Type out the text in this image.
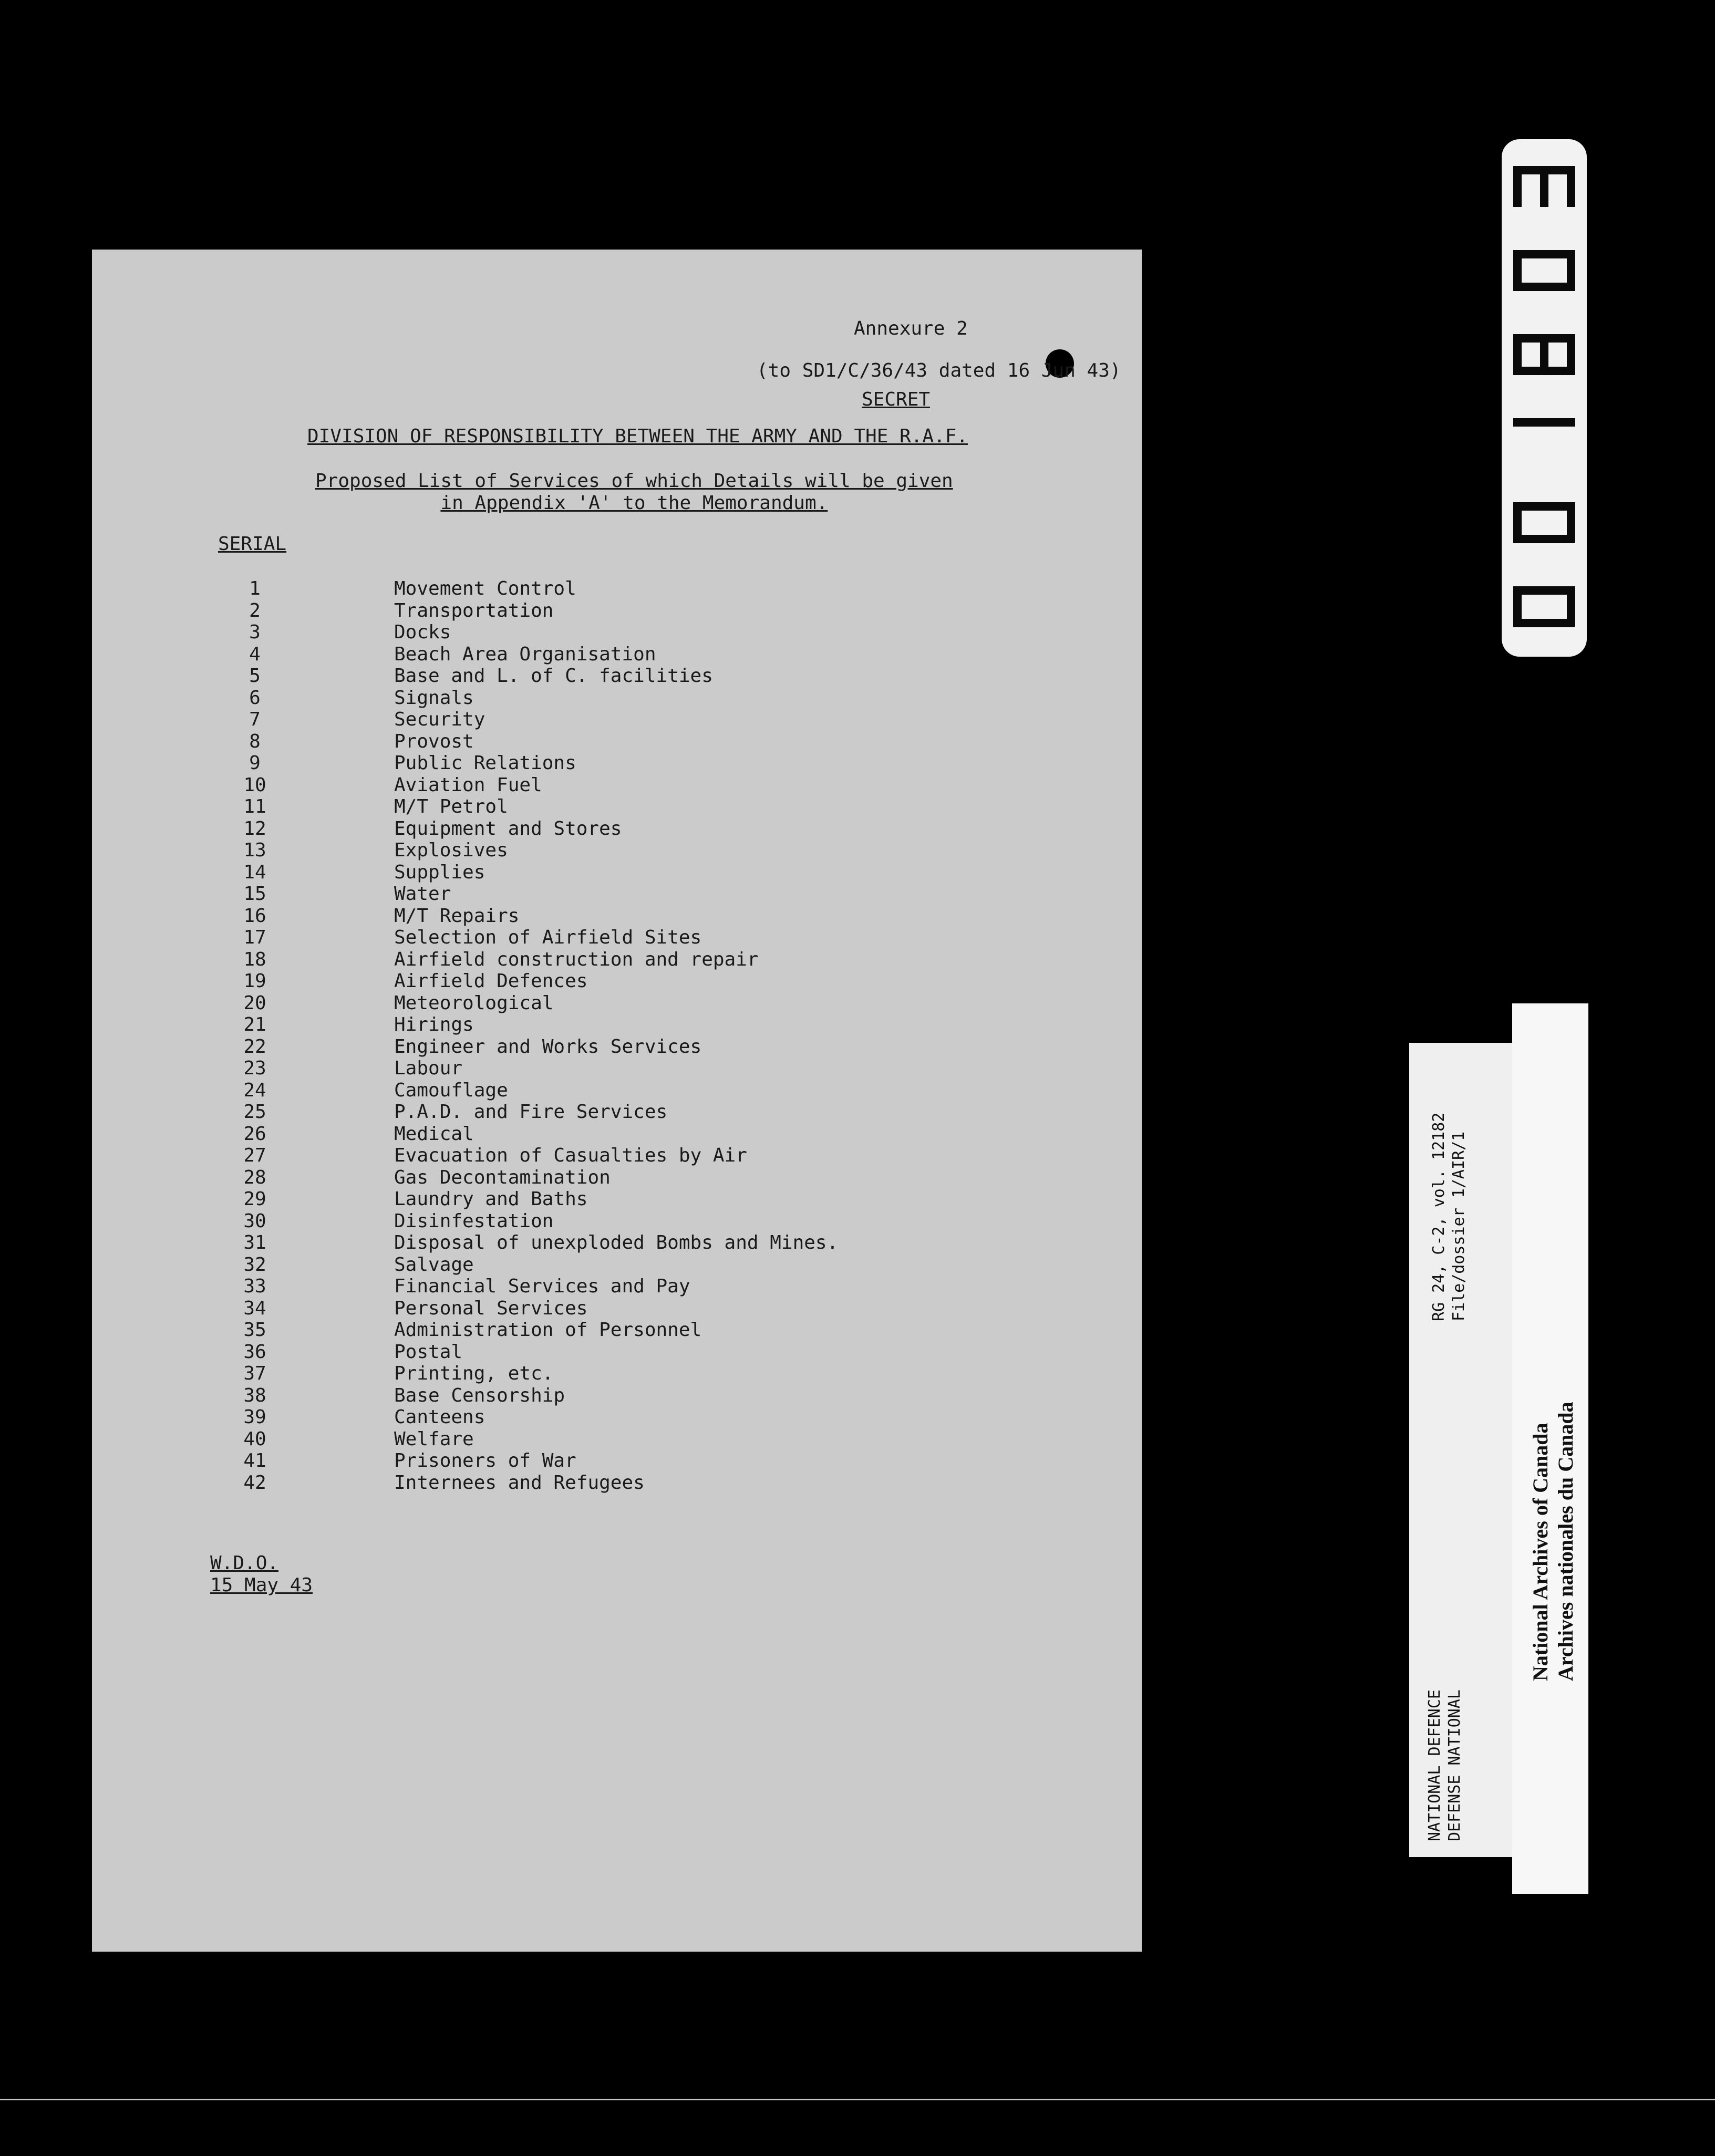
Annexure 2
(to SD1/C/36/43 dated 16 Jun 43)
SECRET
DIVISION OF RESPONSIBILITY BETWEEN THE ARMY AND THE R.A.F.
Proposed List of Services of which Details will be given
in Appendix 'A' to the Memorandum.
SERIAL
1	Movement Control
2	Transportation
3	Docks
4	Beach Area Organisation
5	Base and L. of C. facilities
6	Signals
7	Security
8	Provost
9	Public Relations
10	Aviation Fuel
11	M/T Petrol
12	Equipment and Stores
13	Explosives
14	Supplies
15	Water
16	M/T Repairs
17	Selection of Airfield Sites
18	Airfield construction and repair
19	Airfield Defences
20	Meteorological
21	Hirings
22	Engineer and Works Services
23	Labour
24	Camouflage
25	P.A.D. and Fire Services
26	Medical
27	Evacuation of Casualties by Air
28	Gas Decontamination
29	Laundry and Baths
30	Disinfestation
31	Disposal of unexploded Bombs and Mines.
32	Salvage
33	Financial Services and Pay
34	Personal Services
35	Administration of Personnel
36	Postal
37	Printing, etc.
38	Base Censorship
39	Canteens
40	Welfare
41	Prisoners of War
42	Internees and Refugees
W.D.O.
15 May 43
NATIONAL DEFENCE DEFENSE NATIONAL
RG 24, C-2, vol. 12182 File/dossier 1/AIR/1
National Archives of Canada Archives nationales du Canada
